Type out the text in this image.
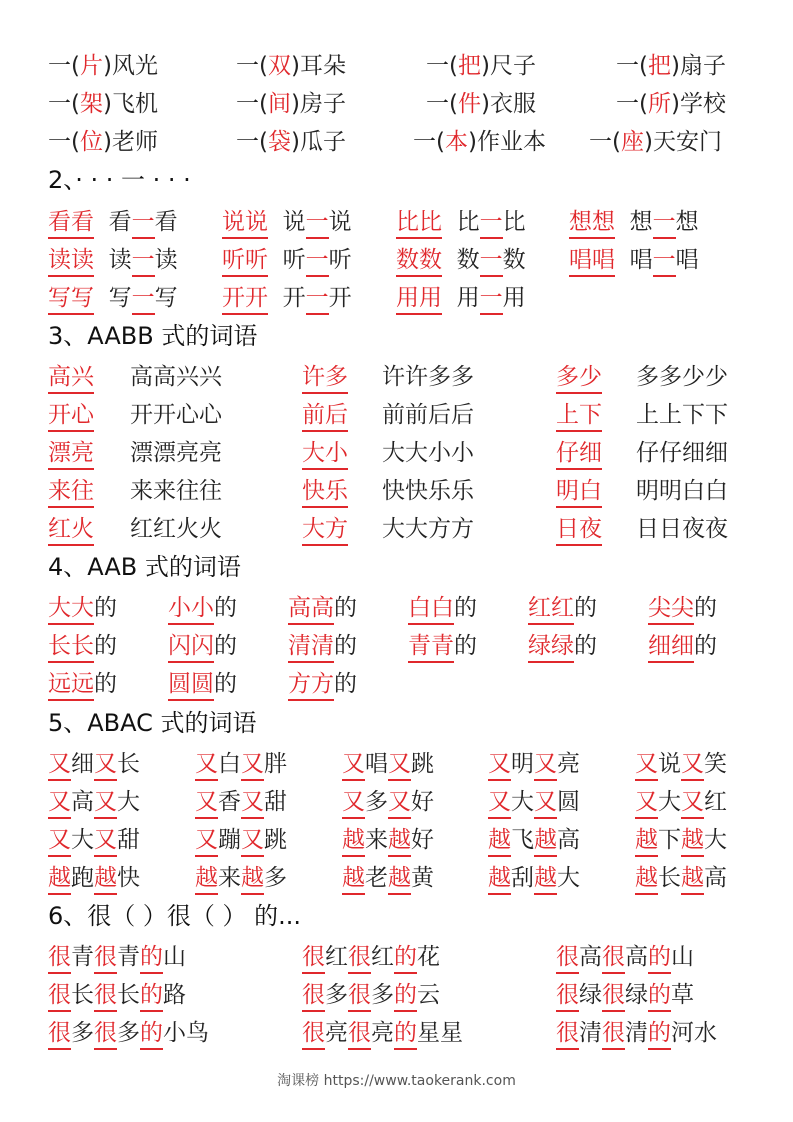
一(片)风光	一(双)耳朵	一(把)尺子	一(把)扇子
一(架)飞机	一(间)房子	一(件)衣服	一(所)学校
一(位)老师	一(袋)瓜子	一(本)作业本 一(座)天安门
2、· · · 一 · · ·
看看 看一看 说说 说一说 比比 比一比 想想 想一想
读读 读一读 听听 听一听 数数 数一数 唱唱 唱一唱
写写 写一写 开开 开一开 用用 用一用
3、AABB 式的词语
高兴 高高兴兴	许多 许许多多	多少 多多少少
开心 开开心心	前后 前前后后	上下 上上下下
漂亮 漂漂亮亮	大小 大大小小	仔细 仔仔细细
来往 来来往往	快乐 快快乐乐	明白 明明白白
红火 红红火火	大方 大大方方	日夜 日日夜夜
4、AAB 式的词语
大大的 小小的 高高的 白白的 红红的 尖尖的
长长的 闪闪的 清清的 青青的 绿绿的 细细的
远远的 圆圆的 方方的
5、ABAC 式的词语
又细又长 又白又胖 又唱又跳 又明又亮 又说又笑
又高又大 又香又甜 又多又好 又大又圆 又大又红
又大又甜 又蹦又跳 越来越好 越飞越高 越下越大
越跑越快 越来越多 越老越黄 越刮越大 越长越高
6、很（ ）很（ ） 的...
很青很青的山	很红很红的花	很高很高的山
很长很长的路	很多很多的云	很绿很绿的草
很多很多的小鸟	很亮很亮的星星	很清很清的河水
淘课榜 https://www.taokerank.com
